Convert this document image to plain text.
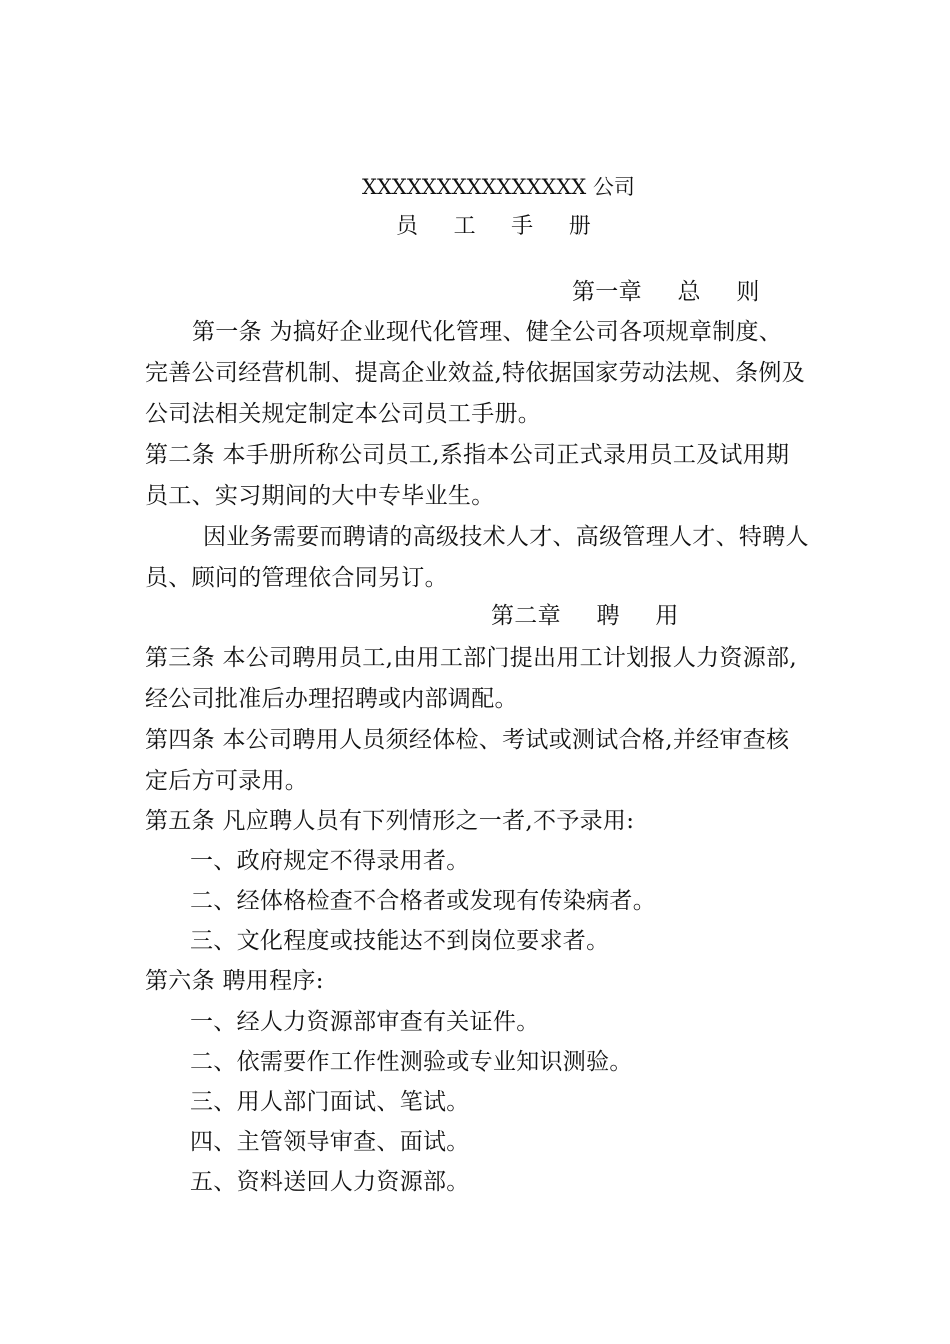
XXXXXXXXXXXXXXX 公司
员 工 手 册
第一章 总 则
第一条 为搞好企业现代化管理、健全公司各项规章制度、
完善公司经营机制、提高企业效益,特依据国家劳动法规、条例及
公司法相关规定制定本公司员工手册。
第二条 本手册所称公司员工,系指本公司正式录用员工及试用期
员工、实习期间的大中专毕业生。
因业务需要而聘请的高级技术人才、高级管理人才、特聘人
员、顾问的管理依合同另订。
第二章 聘 用
第三条 本公司聘用员工,由用工部门提出用工计划报人力资源部,
经公司批准后办理招聘或内部调配。
第四条 本公司聘用人员须经体检、考试或测试合格,并经审查核
定后方可录用。
第五条 凡应聘人员有下列情形之一者,不予录用:
一、政府规定不得录用者。
二、经体格检查不合格者或发现有传染病者。
三、文化程度或技能达不到岗位要求者。
第六条 聘用程序:
一、经人力资源部审查有关证件。
二、依需要作工作性测验或专业知识测验。
三、用人部门面试、笔试。
四、主管领导审查、面试。
五、资料送回人力资源部。
